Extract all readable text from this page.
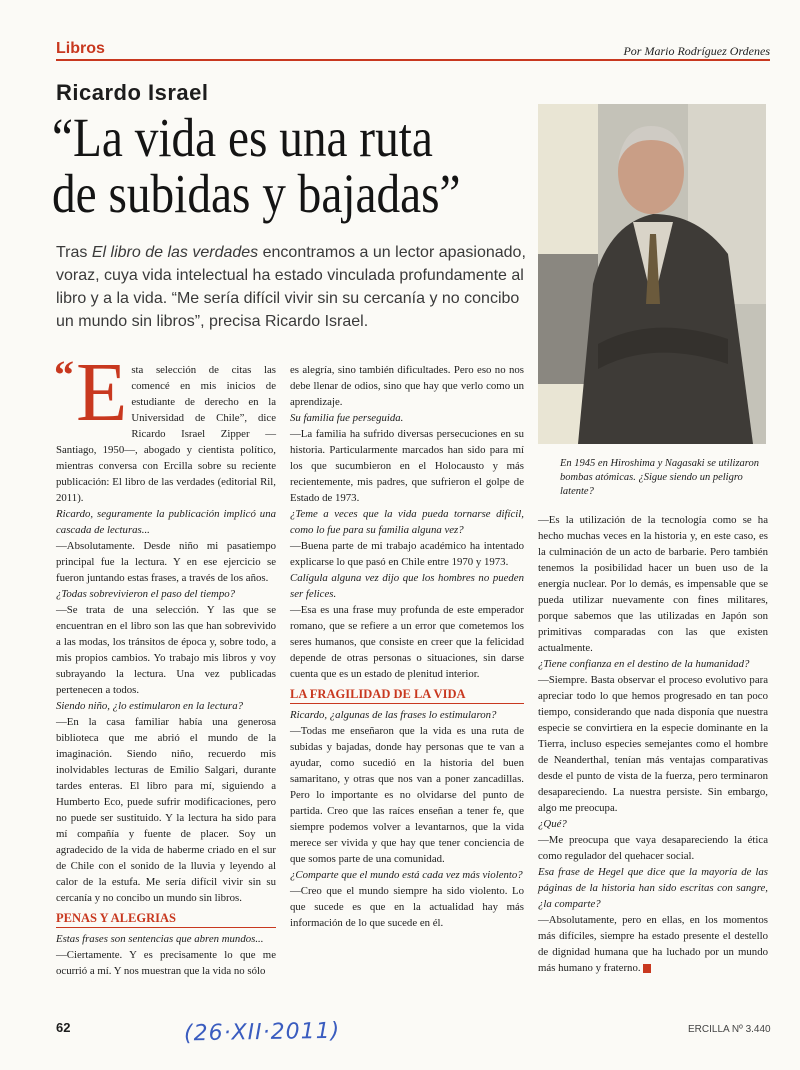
Libros	Por Mario Rodríguez Ordenes
Ricardo Israel
“La vida es una ruta
de subidas y bajadas”
Tras El libro de las verdades encontramos a un lector apasionado, voraz, cuya vida intelectual ha estado vinculada profundamente al libro y a la vida. “Me sería difícil vivir sin su cercanía y no concibo un mundo sin libros”, precisa Ricardo Israel.
En 1945 en Hiroshima y Nagasaki se utilizaron bombas atómicas. ¿Sigue siendo un peligro latente?

“ E sta selección de citas las comencé en mis inicios de estudiante de derecho en la Universidad de Chile”, dice Ricardo Israel Zipper —Santiago, 1950—, abogado y cientista político, mientras conversa con Ercilla sobre su reciente publicación: El libro de las verdades (editorial Ril, 2011).

Ricardo, seguramente la publicación implicó una cascada de lecturas...

—Absolutamente. Desde niño mi pasatiempo principal fue la lectura. Y en ese ejercicio se fueron juntando estas frases, a través de los años.

¿Todas sobrevivieron el paso del tiempo?

—Se trata de una selección. Y las que se encuentran en el libro son las que han sobrevivido a las modas, los tránsitos de época y, sobre todo, a mis propios cambios. Yo trabajo mis libros y voy subrayando la lectura. Una vez publicadas pertenecen a todos.

Siendo niño, ¿lo estimularon en la lectura?

—En la casa familiar había una generosa biblioteca que me abrió el mundo de la imaginación. Siendo niño, recuerdo mis inolvidables lecturas de Emilio Salgari, durante tardes enteras. El libro para mí, siguiendo a Humberto Eco, puede sufrir modificaciones, pero no puede ser sustituido. Y la lectura ha sido para mí compañía y fuente de placer. Soy un agradecido de la vida de haberme criado en el sur de Chile con el sonido de la lluvia y leyendo al calor de la estufa. Me sería difícil vivir sin su cercanía y no concibo un mundo sin libros.

PENAS Y ALEGRIAS

Estas frases son sentencias que abren mundos...

—Ciertamente. Y es precisamente lo que me ocurrió a mí. Y nos muestran que la vida no sólo

es alegría, sino también dificultades. Pero eso no nos debe llenar de odios, sino que hay que verlo como un aprendizaje.

Su familia fue perseguida.

—La familia ha sufrido diversas persecuciones en su historia. Particularmente marcados han sido para mí los que sucumbieron en el Holocausto y más recientemente, mis padres, que sufrieron el golpe de Estado de 1973.

¿Teme a veces que la vida pueda tornarse difícil, como lo fue para su familia alguna vez?

—Buena parte de mi trabajo académico ha intentado explicarse lo que pasó en Chile entre 1970 y 1973.

Calígula alguna vez dijo que los hombres no pueden ser felices.

—Esa es una frase muy profunda de este emperador romano, que se refiere a un error que cometemos los seres humanos, que consiste en creer que la felicidad depende de otras personas o situaciones, sin darse cuenta que es un estado de plenitud interior.

LA FRAGILIDAD DE LA VIDA

Ricardo, ¿algunas de las frases lo estimularon?

—Todas me enseñaron que la vida es una ruta de subidas y bajadas, donde hay personas que te van a ayudar, como sucedió en la historia del buen samaritano, y otras que nos van a poner zancadillas. Pero lo importante es no olvidarse del punto de partida. Creo que las raíces enseñan a tener fe, que siempre podemos volver a levantarnos, que la vida merece ser vivida y que hay que tener conciencia de que somos parte de una comunidad.

¿Comparte que el mundo está cada vez más violento?

—Creo que el mundo siempre ha sido violento. Lo que sucede es que en la actualidad hay más información de lo que sucede en él.

—Es la utilización de la tecnología como se ha hecho muchas veces en la historia y, en este caso, es la culminación de un acto de barbarie. Pero también tenemos la posibilidad hacer un buen uso de la energía nuclear. Por lo demás, es impensable que se pueda utilizar nuevamente con fines militares, porque sabemos que las utilizadas en Japón son primitivas comparadas con las que existen actualmente.

¿Tiene confianza en el destino de la humanidad?

—Siempre. Basta observar el proceso evolutivo para apreciar todo lo que hemos progresado en tan poco tiempo, considerando que nada disponía que nuestra especie se convirtiera en la especie dominante en la Tierra, incluso especies semejantes como el hombre de Neanderthal, tenían más ventajas comparativas desde el punto de vista de la fuerza, pero terminaron desapareciendo. La nuestra persiste. Sin embargo, algo me preocupa.

¿Qué?

—Me preocupa que vaya desapareciendo la ética como regulador del quehacer social.

Esa frase de Hegel que dice que la mayoría de las páginas de la historia han sido escritas con sangre, ¿la comparte?

—Absolutamente, pero en ellas, en los momentos más difíciles, siempre ha estado presente el destello de dignidad humana que ha luchado por un mundo más humano y fraterno.

62	(26·XII·2011)	ERCILLA Nº 3.440
